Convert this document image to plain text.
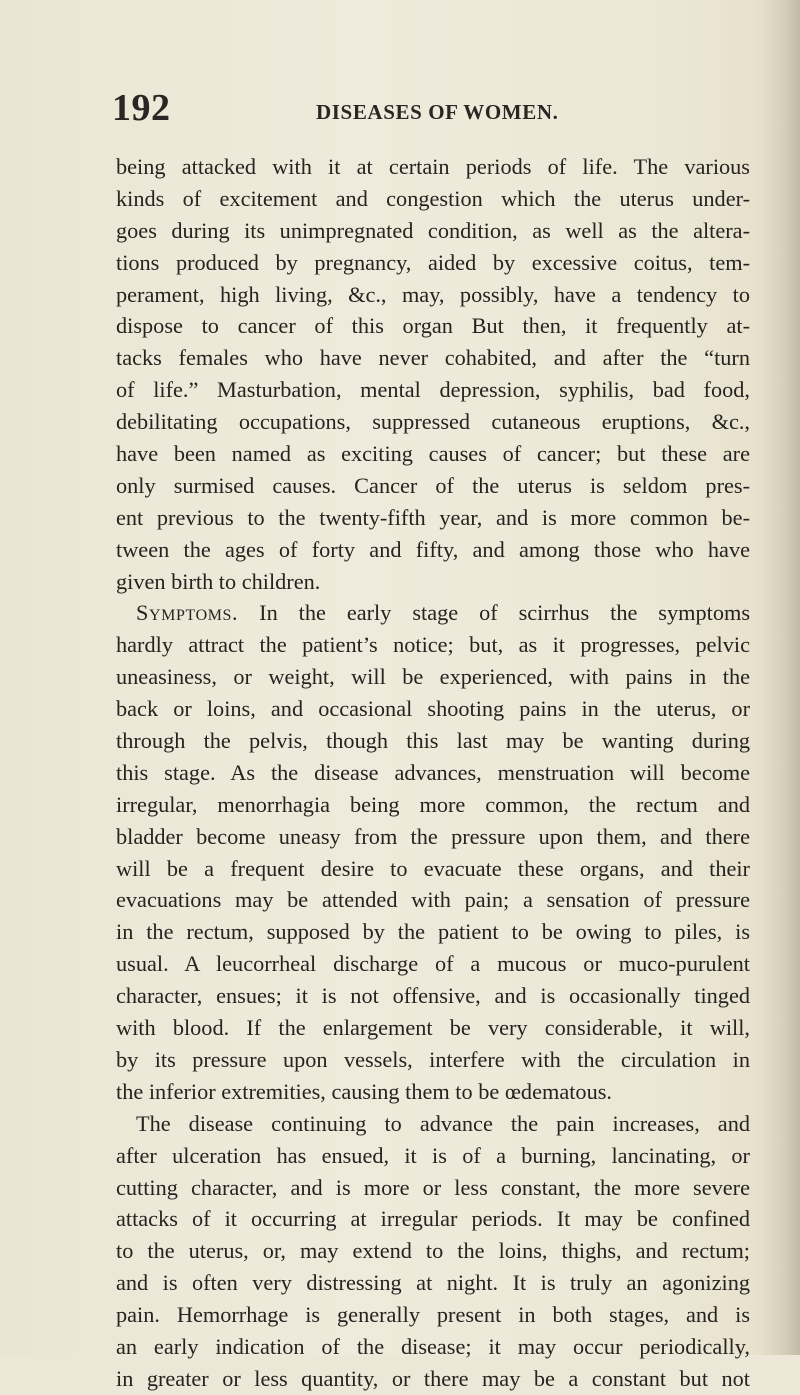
192	DISEASES OF WOMEN.
being attacked with it at certain periods of life. The various
kinds of excitement and congestion which the uterus under-
goes during its unimpregnated condition, as well as the altera-
tions produced by pregnancy, aided by excessive coitus, tem-
perament, high living, &c., may, possibly, have a tendency to
dispose to cancer of this organ But then, it frequently at-
tacks females who have never cohabited, and after the “turn
of life.” Masturbation, mental depression, syphilis, bad food,
debilitating occupations, suppressed cutaneous eruptions, &c.,
have been named as exciting causes of cancer; but these are
only surmised causes. Cancer of the uterus is seldom pres-
ent previous to the twenty-fifth year, and is more common be-
tween the ages of forty and fifty, and among those who have
given birth to children.
Symptoms. In the early stage of scirrhus the symptoms
hardly attract the patient’s notice; but, as it progresses, pelvic
uneasiness, or weight, will be experienced, with pains in the
back or loins, and occasional shooting pains in the uterus, or
through the pelvis, though this last may be wanting during
this stage. As the disease advances, menstruation will become
irregular, menorrhagia being more common, the rectum and
bladder become uneasy from the pressure upon them, and there
will be a frequent desire to evacuate these organs, and their
evacuations may be attended with pain; a sensation of pressure
in the rectum, supposed by the patient to be owing to piles, is
usual. A leucorrheal discharge of a mucous or muco-purulent
character, ensues; it is not offensive, and is occasionally tinged
with blood. If the enlargement be very considerable, it will,
by its pressure upon vessels, interfere with the circulation in
the inferior extremities, causing them to be œdematous.
The disease continuing to advance the pain increases, and
after ulceration has ensued, it is of a burning, lancinating, or
cutting character, and is more or less constant, the more severe
attacks of it occurring at irregular periods. It may be confined
to the uterus, or, may extend to the loins, thighs, and rectum;
and is often very distressing at night. It is truly an agonizing
pain. Hemorrhage is generally present in both stages, and is
an early indication of the disease; it may occur periodically,
in greater or less quantity, or there may be a constant but not
